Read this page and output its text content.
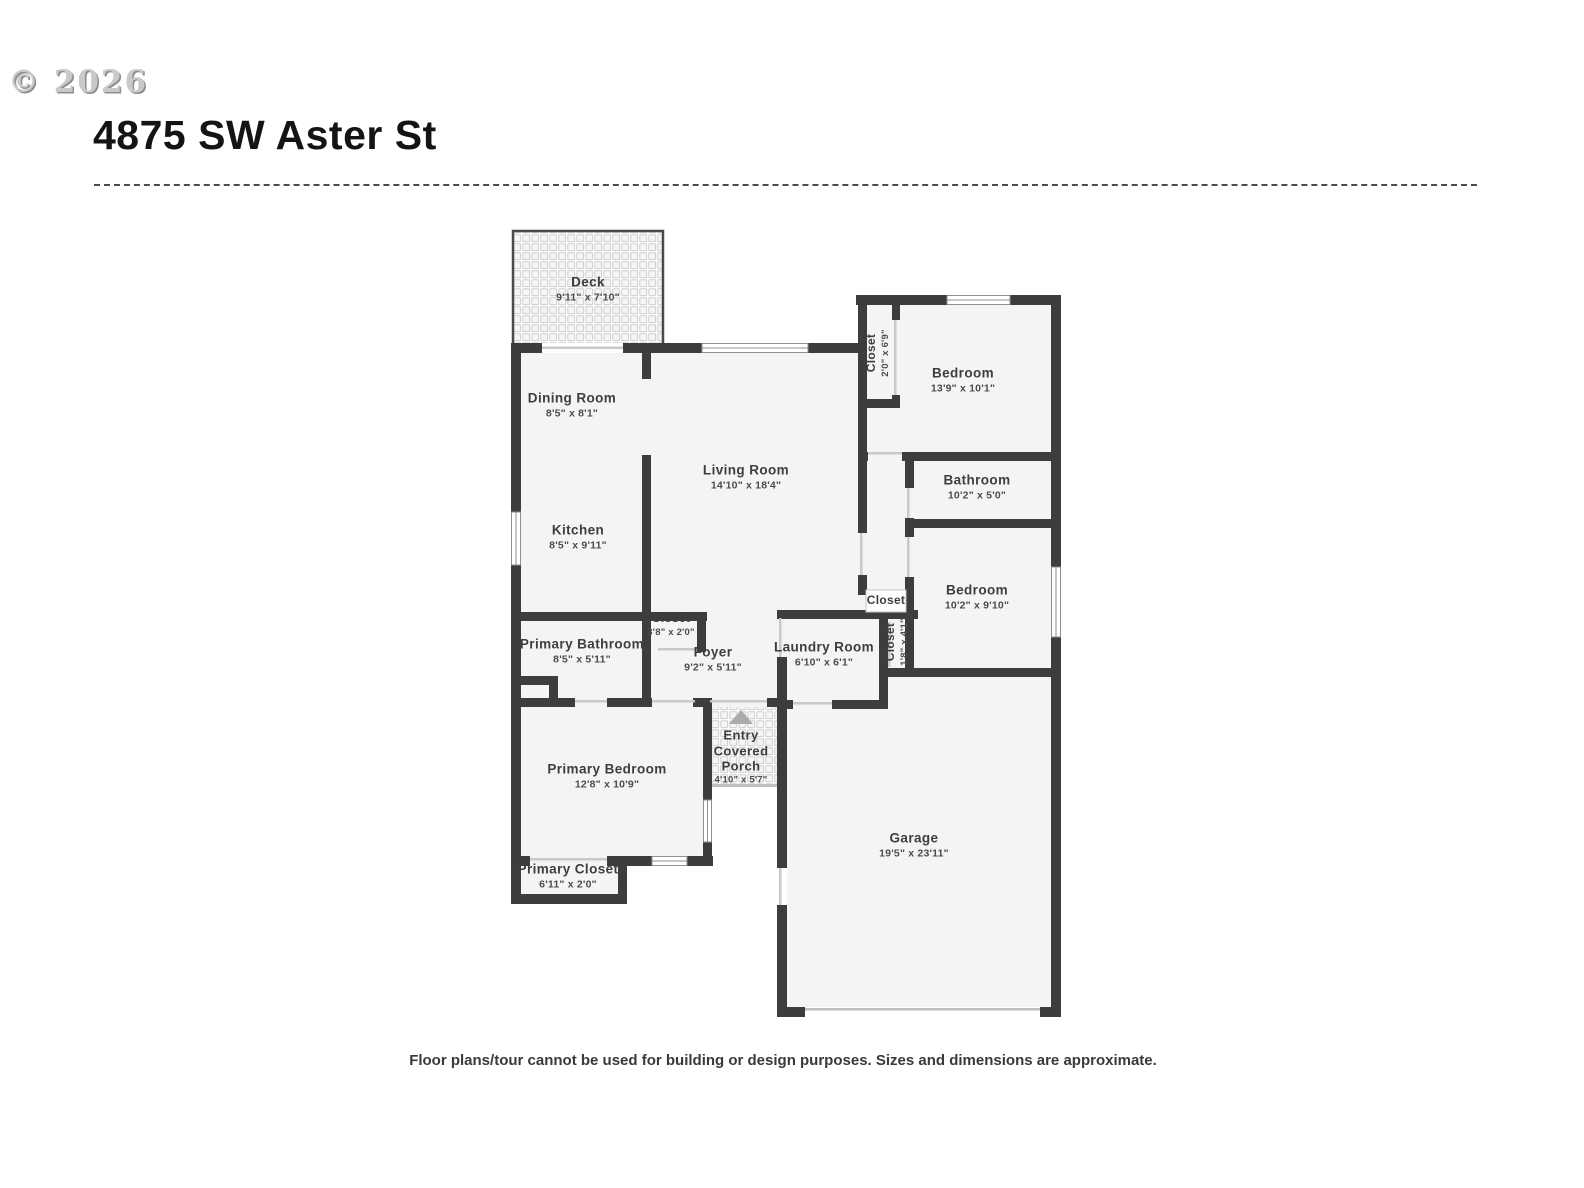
© 2026
4875 SW Aster St
Deck
9'11" x 7'10"
Dining Room
8'5" x 8'1"
Kitchen
8'5" x 9'11"
Living Room
14'10" x 18'4"
Closet 2'0" x 6'9"	Bedroom
13'9" x 10'1"
Bathroom
10'2" x 5'0"
Bedroom
10'2" x 9'10"
Closet
Closet
3'8" x 2'0"
Foyer
9'2" x 5'11"
Primary Bathroom
8'5" x 5'11"
Laundry Room
6'10" x 6'1"
Closet 1'8" x 4'1"
Primary Bedroom
12'8" x 10'9"
Primary Closet
6'11" x 2'0"
Entry
Covered
Porch
4'10" x 5'7"
Garage
19'5" x 23'11"
Floor plans/tour cannot be used for building or design purposes. Sizes and dimensions are approximate.
